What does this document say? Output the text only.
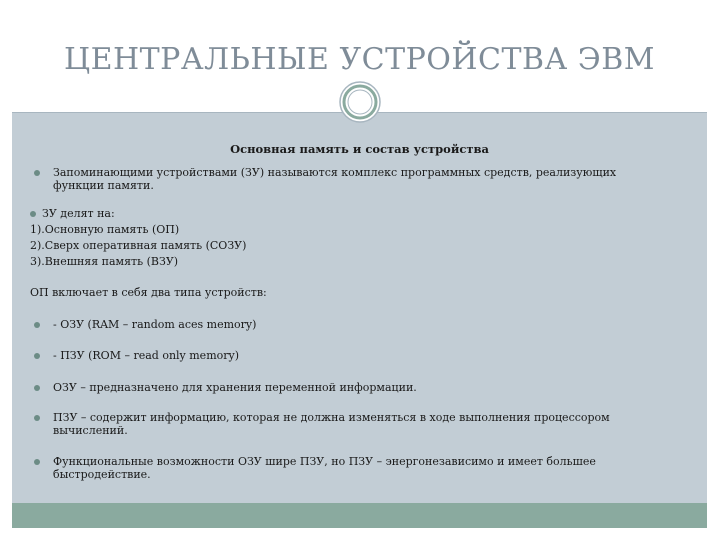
ЦЕНТРАЛЬНЫЕ УСТРОЙСТВА ЭВМ
Основная память и состав устройства
Запоминающими устройствами (ЗУ) называются комплекс программных средств, реализующих функции памяти.
ЗУ делят на:
1).Основную память (ОП)
2).Сверх оперативная память (СОЗУ)
3).Внешняя память (ВЗУ)
ОП включает в себя два типа устройств:
- ОЗУ (RAM – random aces memory)
- ПЗУ (ROM – read only memory)
ОЗУ – предназначено для хранения переменной информации.
ПЗУ – содержит информацию, которая не должна изменяться в ходе выполнения процессором вычислений.
Функциональные возможности ОЗУ шире ПЗУ, но ПЗУ – энергонезависимо и имеет большее быстродействие.
